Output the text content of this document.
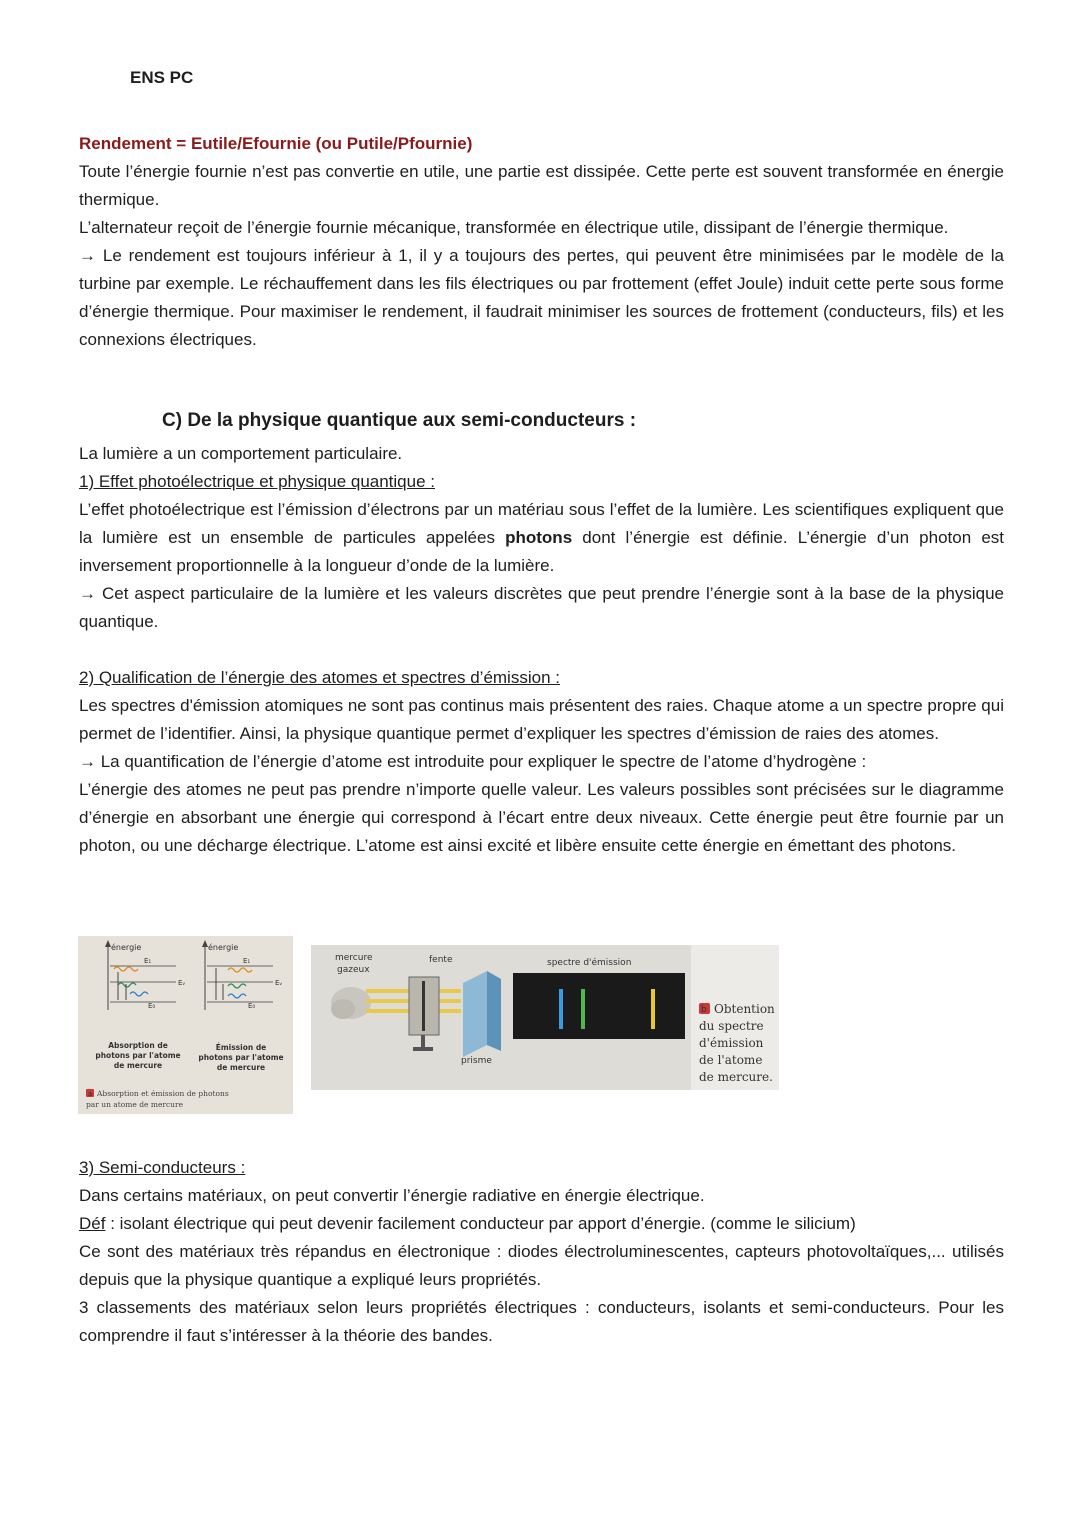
ENS PC

Rendement = Eutile/Efournie (ou Putile/Pfournie)

Toute l’énergie fournie n’est pas convertie en utile, une partie est dissipée. Cette perte est souvent transformée en énergie thermique.

L’alternateur reçoit de l’énergie fournie mécanique, transformée en électrique utile, dissipant de l’énergie thermique.

→ Le rendement est toujours inférieur à 1, il y a toujours des pertes, qui peuvent être minimisées par le modèle de la turbine par exemple. Le réchauffement dans les fils électriques ou par frottement (effet Joule) induit cette perte sous forme d’énergie thermique. Pour maximiser le rendement, il faudrait minimiser les sources de frottement (conducteurs, fils) et les connexions électriques.

C) De la physique quantique aux semi-conducteurs :

La lumière a un comportement particulaire.

1) Effet photoélectrique et physique quantique :

L’effet photoélectrique est l’émission d’électrons par un matériau sous l’effet de la lumière. Les scientifiques expliquent que la lumière est un ensemble de particules appelées photons dont l’énergie est définie. L’énergie d’un photon est inversement proportionnelle à la longueur d’onde de la lumière.

→ Cet aspect particulaire de la lumière et les valeurs discrètes que peut prendre l’énergie sont à la base de la physique quantique.

2) Qualification de l’énergie des atomes et spectres d’émission :

Les spectres d'émission atomiques ne sont pas continus mais présentent des raies. Chaque atome a un spectre propre qui permet de l’identifier. Ainsi, la physique quantique permet d’expliquer les spectres d’émission de raies des atomes.

→ La quantification de l’énergie d’atome est introduite pour expliquer le spectre de l’atome d’hydrogène :

L’énergie des atomes ne peut pas prendre n’importe quelle valeur. Les valeurs possibles sont précisées sur le diagramme d’énergie en absorbant une énergie qui correspond à l’écart entre deux niveaux. Cette énergie peut être fournie par un photon, ou une décharge électrique. L’atome est ainsi excité et libère ensuite cette énergie en émettant des photons.

énergie
E₁
Eᵥ
E₀
Absorption de
photons par l'atome
de mercure
énergie
E₁
Eᵥ
E₀
Émission de
photons par l'atome
de mercure
a Absorption et émission de photons
par un atome de mercure
mercure
gazeux
fente	spectre d'émission
prisme
b Obtention
du spectre
d'émission
de l'atome
de mercure.

3) Semi-conducteurs :

Dans certains matériaux, on peut convertir l’énergie radiative en énergie électrique.

Déf : isolant électrique qui peut devenir facilement conducteur par apport d’énergie. (comme le silicium)

Ce sont des matériaux très répandus en électronique : diodes électroluminescentes, capteurs photovoltaïques,... utilisés depuis que la physique quantique a expliqué leurs propriétés.

3 classements des matériaux selon leurs propriétés électriques : conducteurs, isolants et semi-conducteurs. Pour les comprendre il faut s’intéresser à la théorie des bandes.
